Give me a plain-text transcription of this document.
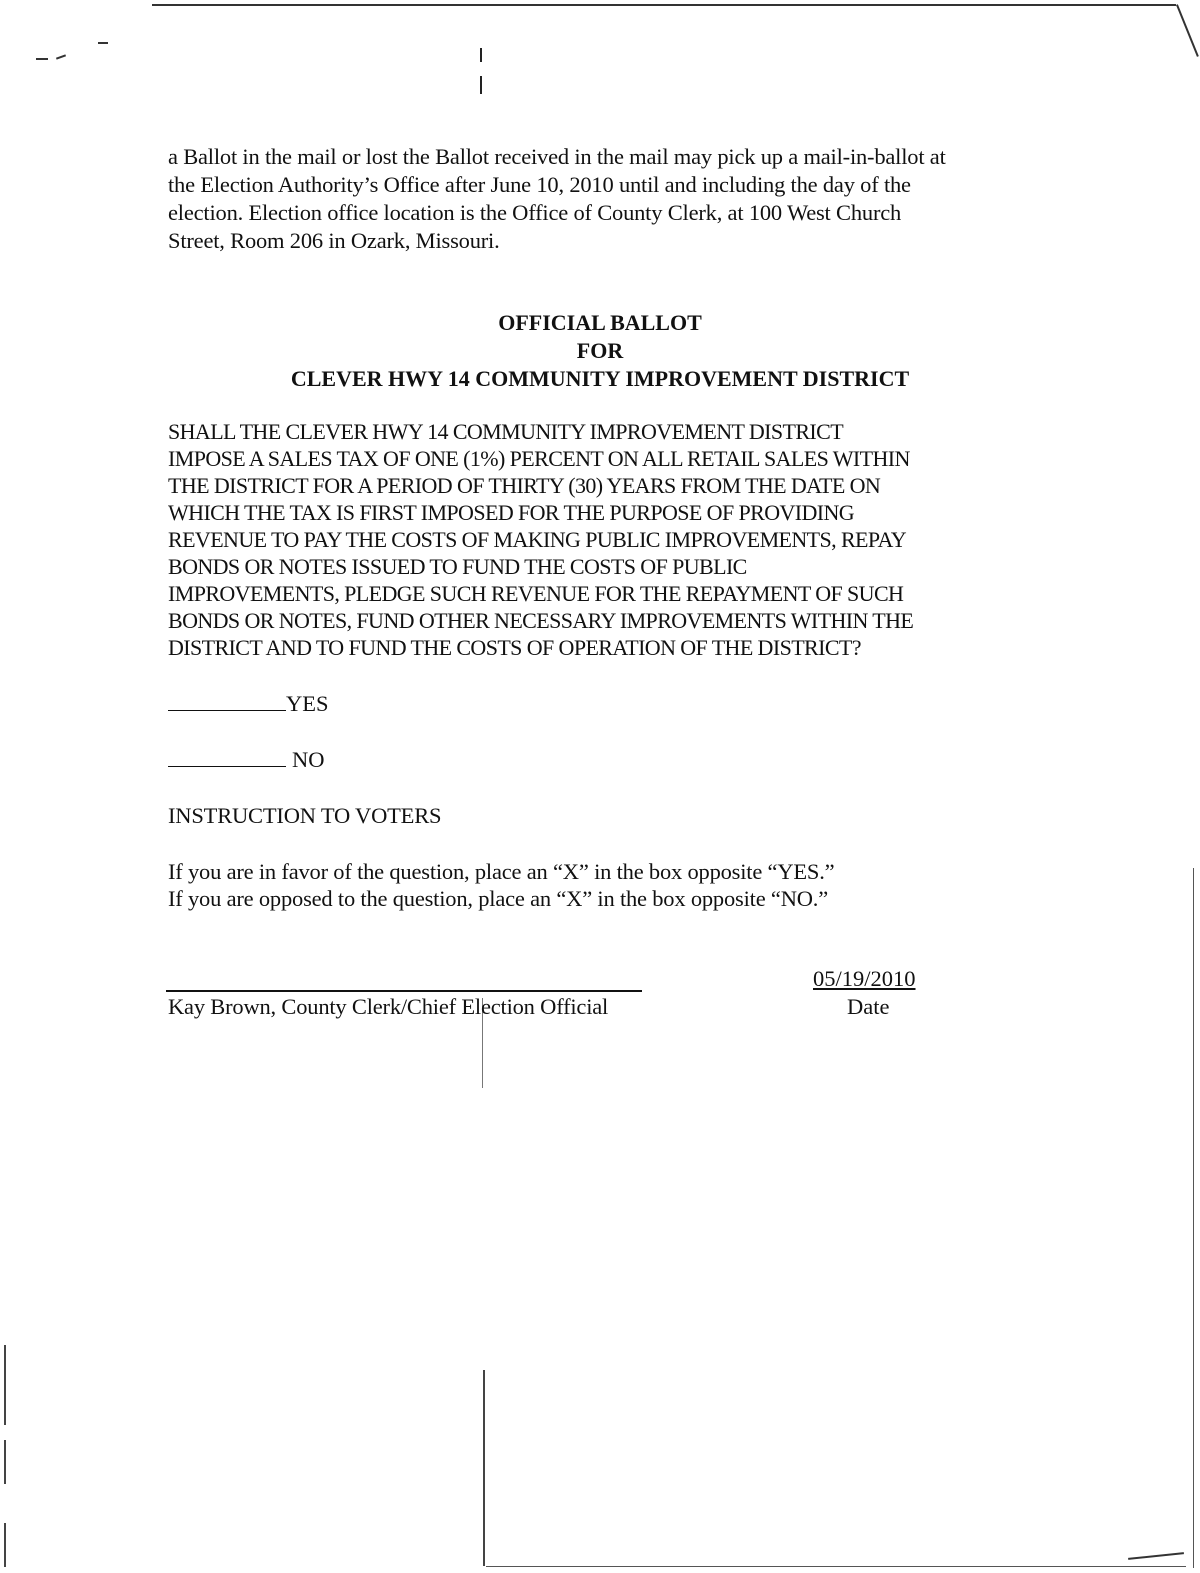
a Ballot in the mail or lost the Ballot received in the mail may pick up a mail-in-ballot at
the Election Authority’s Office after June 10, 2010 until and including the day of the
election. Election office location is the Office of County Clerk, at 100 West Church
Street, Room 206 in Ozark, Missouri.
OFFICIAL BALLOT
FOR
CLEVER HWY 14 COMMUNITY IMPROVEMENT DISTRICT
SHALL THE CLEVER HWY 14 COMMUNITY IMPROVEMENT DISTRICT
IMPOSE A SALES TAX OF ONE (1%) PERCENT ON ALL RETAIL SALES WITHIN
THE DISTRICT FOR A PERIOD OF THIRTY (30) YEARS FROM THE DATE ON
WHICH THE TAX IS FIRST IMPOSED FOR THE PURPOSE OF PROVIDING
REVENUE TO PAY THE COSTS OF MAKING PUBLIC IMPROVEMENTS, REPAY
BONDS OR NOTES ISSUED TO FUND THE COSTS OF PUBLIC
IMPROVEMENTS, PLEDGE SUCH REVENUE FOR THE REPAYMENT OF SUCH
BONDS OR NOTES, FUND OTHER NECESSARY IMPROVEMENTS WITHIN THE
DISTRICT AND TO FUND THE COSTS OF OPERATION OF THE DISTRICT?
YES
NO
INSTRUCTION TO VOTERS
If you are in favor of the question, place an “X” in the box opposite “YES.”
If you are opposed to the question, place an “X” in the box opposite “NO.”
Kay Brown, County Clerk/Chief Election Official
05/19/2010
Date
